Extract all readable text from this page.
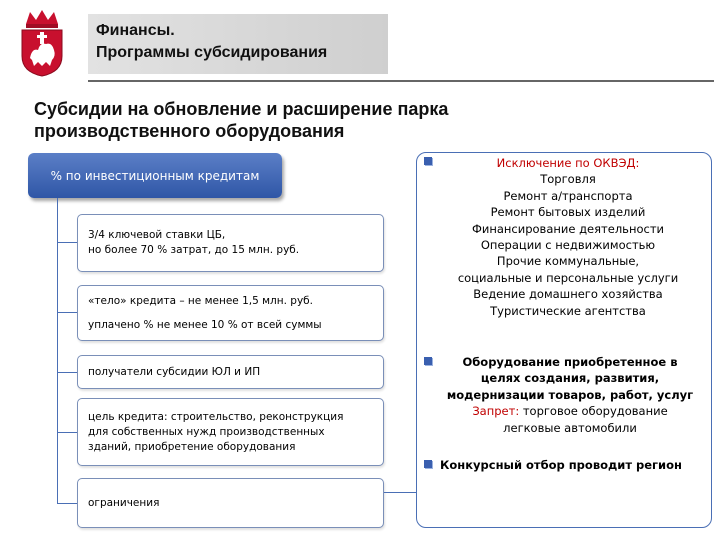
Финансы.
Программы субсидирования
Субсидии на обновление и расширение парка производственного оборудования
% по инвестиционным кредитам
3/4 ключевой ставки ЦБ,
но более 70 % затрат, до 15 млн. руб.
«тело» кредита – не менее 1,5 млн. руб.
уплачено % не менее 10 % от всей суммы
получатели субсидии ЮЛ и ИП
цель кредита: строительство, реконструкция
для собственных нужд производственных
зданий, приобретение оборудования
ограничения
Исключение по ОКВЭД:
Торговля
Ремонт а/транспорта
Ремонт бытовых изделий
Финансирование деятельности
Операции с недвижимостью
Прочие коммунальные,
социальные и персональные услуги
Ведение домашнего хозяйства
Туристические агентства
Оборудование приобретенное в
целях создания, развития,
модернизации товаров, работ, услуг
Запрет: торговое оборудование
легковые автомобили
Конкурсный отбор проводит регион
